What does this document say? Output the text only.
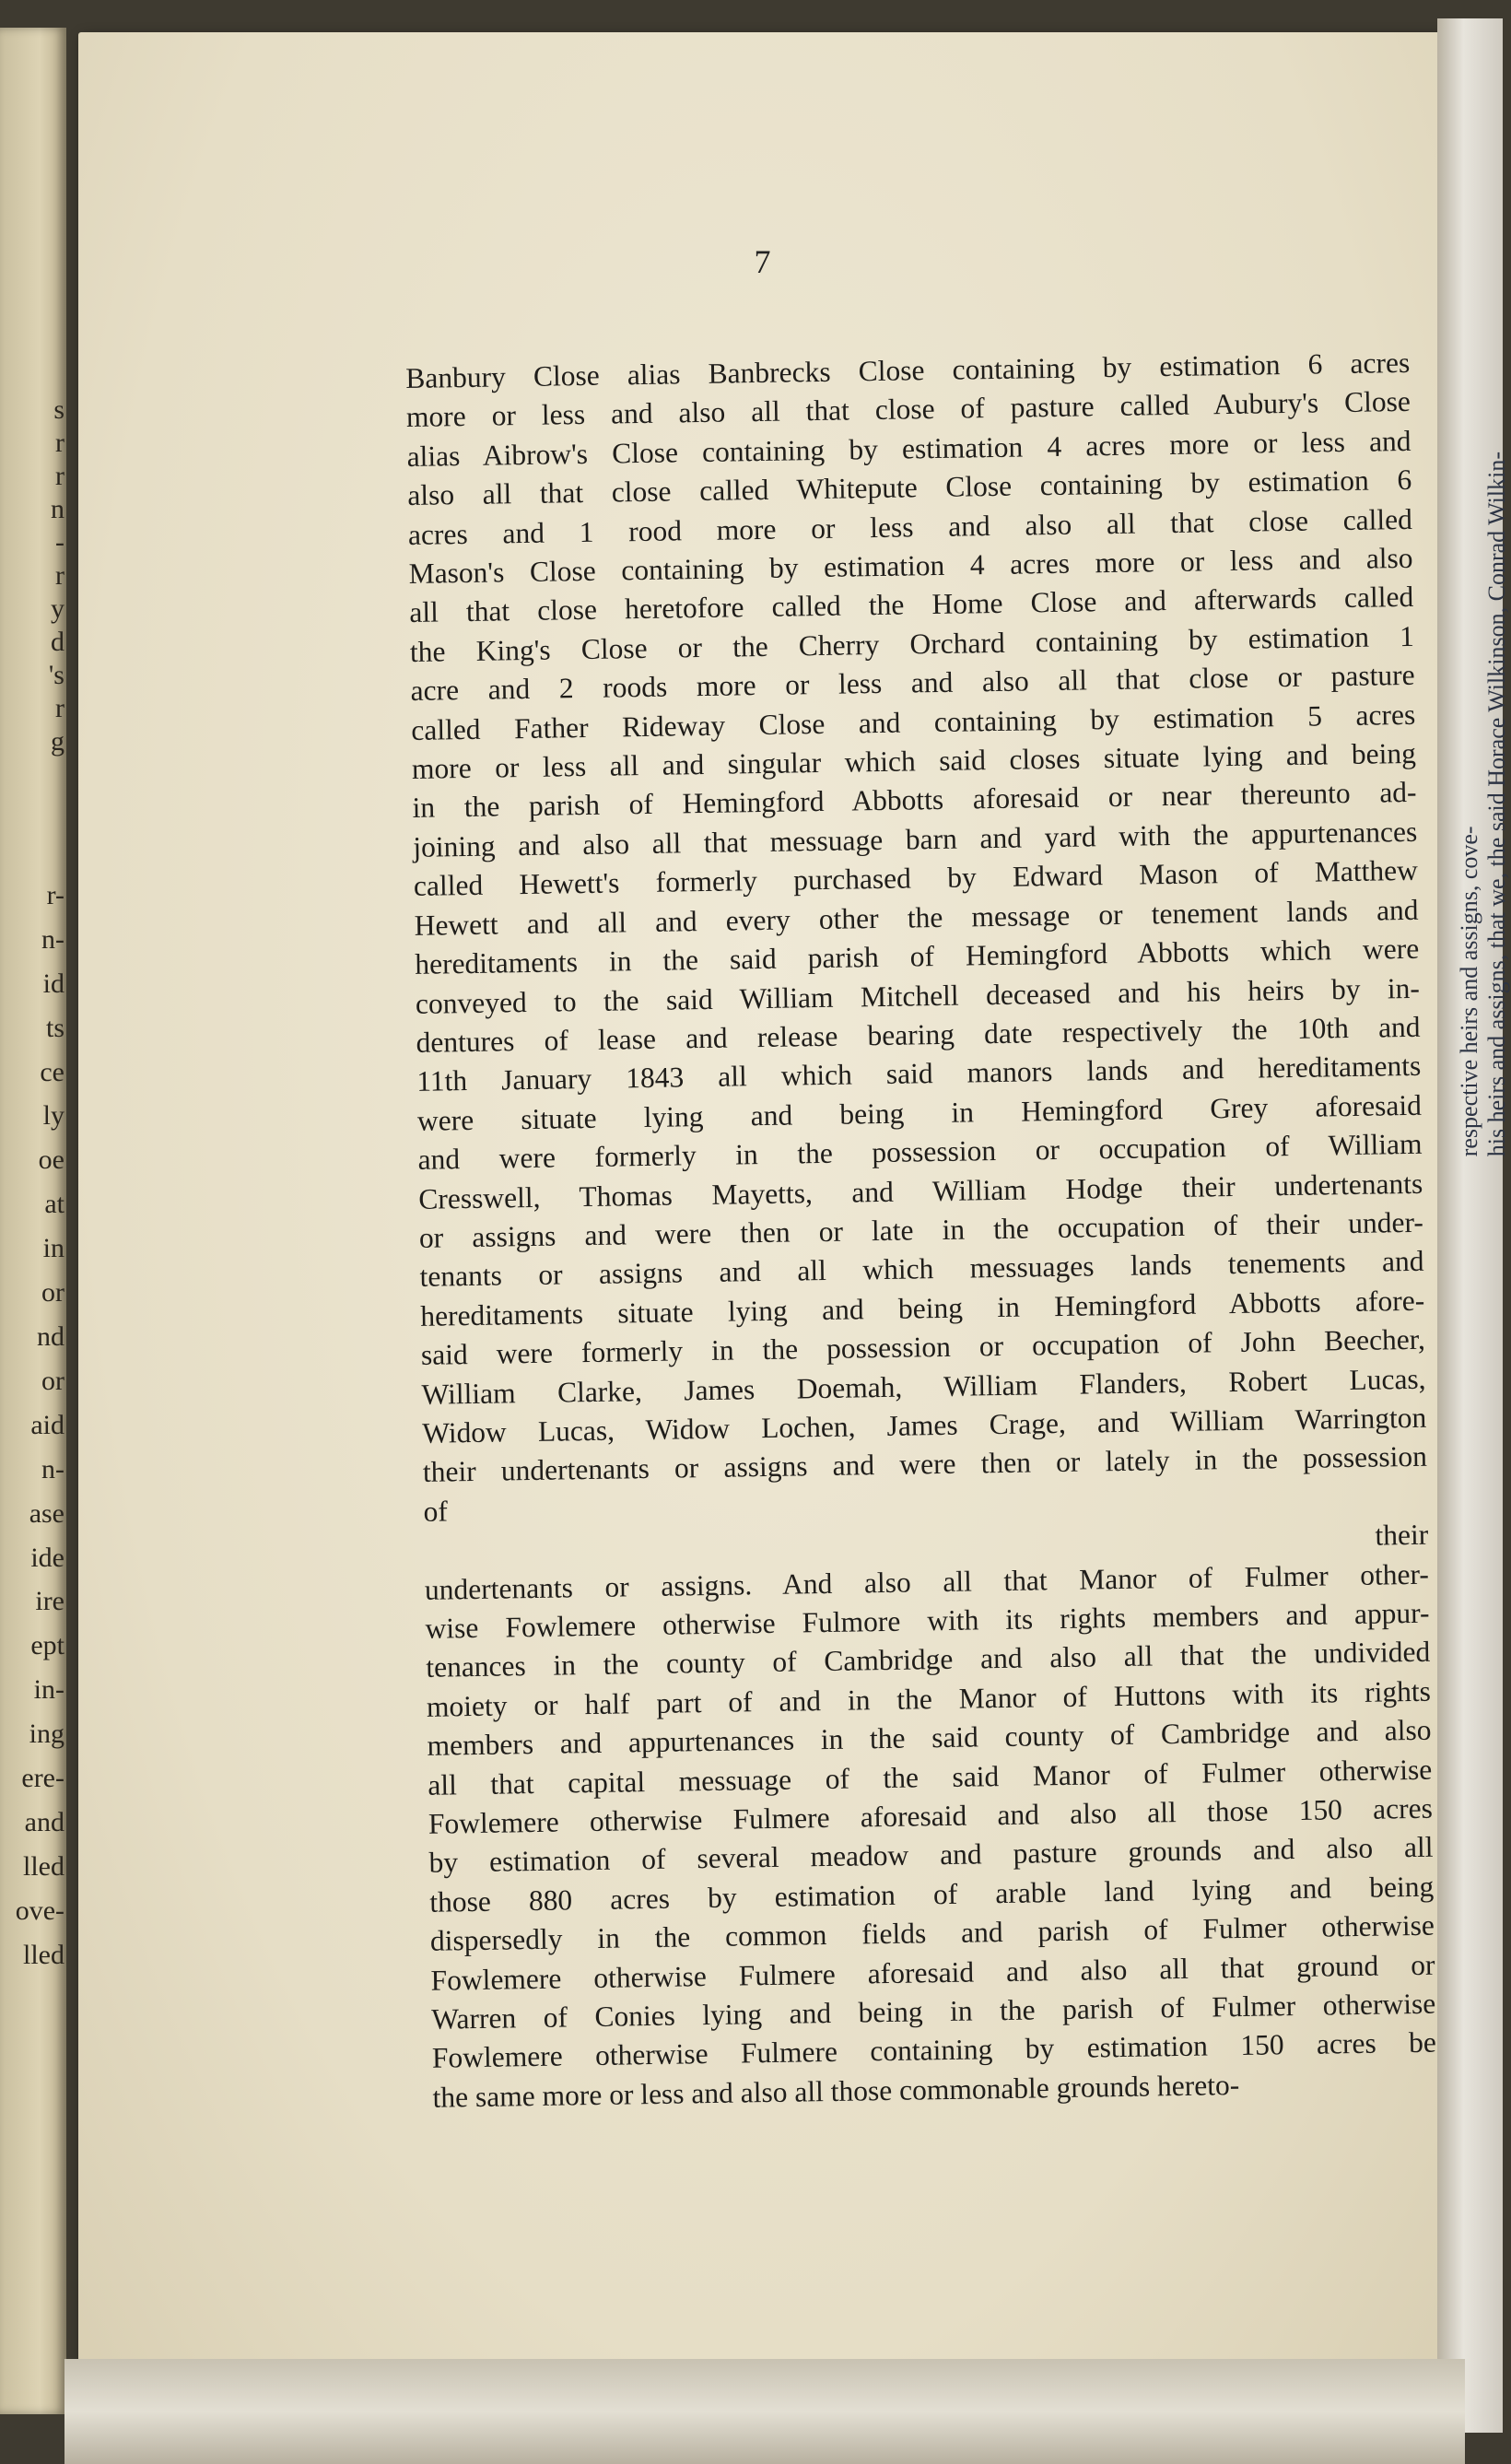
s
r
r
n
-
r
y
d
's
r
g
r-
n-
id
ts
ce
ly
oe
at
in
or
nd
or
aid
n-
ase
ide
ire
ept
in-
ing
ere-
and
lled
ove-
lled
7
Banbury Close alias Banbrecks Close containing by estimation 6 acres
more or less and also all that close of pasture called Aubury's Close
alias Aibrow's Close containing by estimation 4 acres more or less and
also all that close called Whitepute Close containing by estimation 6
acres and 1 rood more or less and also all that close called
Mason's Close containing by estimation 4 acres more or less and also
all that close heretofore called the Home Close and afterwards called
the King's Close or the Cherry Orchard containing by estimation 1
acre and 2 roods more or less and also all that close or pasture
called Father Rideway Close and containing by estimation 5 acres
more or less all and singular which said closes situate lying and being
in the parish of Hemingford Abbotts aforesaid or near thereunto ad-
joining and also all that messuage barn and yard with the appurtenances
called Hewett's formerly purchased by Edward Mason of Matthew
Hewett and all and every other the message or tenement lands and
hereditaments in the said parish of Hemingford Abbotts which were
conveyed to the said William Mitchell deceased and his heirs by in-
dentures of lease and release bearing date respectively the 10th and
11th January 1843 all which said manors lands and hereditaments
were situate lying and being in Hemingford Grey aforesaid
and were formerly in the possession or occupation of William
Cresswell, Thomas Mayetts, and William Hodge their undertenants
or assigns and were then or late in the occupation of their under-
tenants or assigns and all which messuages lands tenements and
hereditaments situate lying and being in Hemingford Abbotts afore-
said were formerly in the possession or occupation of John Beecher,
William Clarke, James Doemah, William Flanders, Robert Lucas,
Widow Lucas, Widow Lochen, James Crage, and William Warrington
their undertenants or assigns and were then or lately in the possession
of
their
undertenants or assigns. And also all that Manor of Fulmer other-
wise Fowlemere otherwise Fulmore with its rights members and appur-
tenances in the county of Cambridge and also all that the undivided
moiety or half part of and in the Manor of Huttons with its rights
members and appurtenances in the said county of Cambridge and also
all that capital messuage of the said Manor of Fulmer otherwise
Fowlemere otherwise Fulmere aforesaid and also all those 150 acres
by estimation of several meadow and pasture grounds and also all
those 880 acres by estimation of arable land lying and being
dispersedly in the common fields and parish of Fulmer otherwise
Fowlemere otherwise Fulmere aforesaid and also all that ground or
Warren of Conies lying and being in the parish of Fulmer otherwise
Fowlemere otherwise Fulmere containing by estimation 150 acres be
the same more or less and also all those commonable grounds hereto-
respective heirs and assigns, cove- his heirs and assigns, that we, the said Horace Wilkinson, Conrad Wilkin-
